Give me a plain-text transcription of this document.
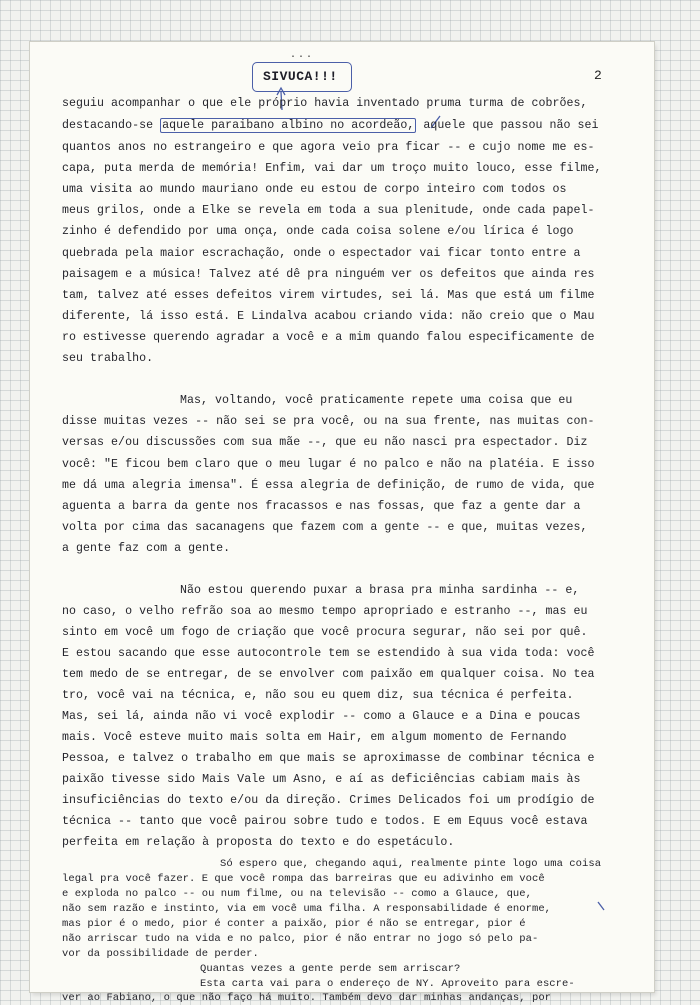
...
SIVUCA!!!	2
seguiu acompanhar o que ele próprio havia inventado pruma turma de cobrões,
destacando-se aquele paraibano albino no acordeão, aquele que passou não sei
quantos anos no estrangeiro e que agora veio pra ficar -- e cujo nome me es-
capa, puta merda de memória! Enfim, vai dar um troço muito louco, esse filme,
uma visita ao mundo mauriano onde eu estou de corpo inteiro com todos os
meus grilos, onde a Elke se revela em toda a sua plenitude, onde cada papel-
zinho é defendido por uma onça, onde cada coisa solene e/ou lírica é logo
quebrada pela maior escrachação, onde o espectador vai ficar tonto entre a
paisagem e a música! Talvez até dê pra ninguém ver os defeitos que ainda res
tam, talvez até esses defeitos virem virtudes, sei lá. Mas que está um filme
diferente, lá isso está. E Lindalva acabou criando vida: não creio que o Mau
ro estivesse querendo agradar a você e a mim quando falou especificamente de
seu trabalho.
Mas, voltando, você praticamente repete uma coisa que eu
disse muitas vezes -- não sei se pra você, ou na sua frente, nas muitas con-
versas e/ou discussões com sua mãe --, que eu não nasci pra espectador. Diz
você: "E ficou bem claro que o meu lugar é no palco e não na platéia. E isso
me dá uma alegria imensa". É essa alegria de definição, de rumo de vida, que
aguenta a barra da gente nos fracassos e nas fossas, que faz a gente dar a
volta por cima das sacanagens que fazem com a gente -- e que, muitas vezes,
a gente faz com a gente.
Não estou querendo puxar a brasa pra minha sardinha -- e,
no caso, o velho refrão soa ao mesmo tempo apropriado e estranho --, mas eu
sinto em você um fogo de criação que você procura segurar, não sei por quê.
E estou sacando que esse autocontrole tem se estendido à sua vida toda: você
tem medo de se entregar, de se envolver com paixão em qualquer coisa. No tea
tro, você vai na técnica, e, não sou eu quem diz, sua técnica é perfeita.
Mas, sei lá, ainda não vi você explodir -- como a Glauce e a Dina e poucas
mais. Você esteve muito mais solta em Hair, em algum momento de Fernando
Pessoa, e talvez o trabalho em que mais se aproximasse de combinar técnica e
paixão tivesse sido Mais Vale um Asno, e aí as deficiências cabiam mais às
insuficiências do texto e/ou da direção. Crimes Delicados foi um prodígio de
técnica -- tanto que você pairou sobre tudo e todos. E em Equus você estava
perfeita em relação à proposta do texto e do espetáculo.
Só espero que, chegando aqui, realmente pinte logo uma coisa
legal pra você fazer. E que você rompa das barreiras que eu adivinho em você
e exploda no palco -- ou num filme, ou na televisão -- como a Glauce, que,
não sem razão e instinto, via em você uma filha. A responsabilidade é enorme,
mas pior é o medo, pior é conter a paixão, pior é não se entregar, pior é
não arriscar tudo na vida e no palco, pior é não entrar no jogo só pelo pa-
vor da possibilidade de perder.
Quantas vezes a gente perde sem arriscar?
Esta carta vai para o endereço de NY. Aproveito para escre-
ver ao Fabiano, o que não faço há muito. Também devo dar minhas andanças, por
